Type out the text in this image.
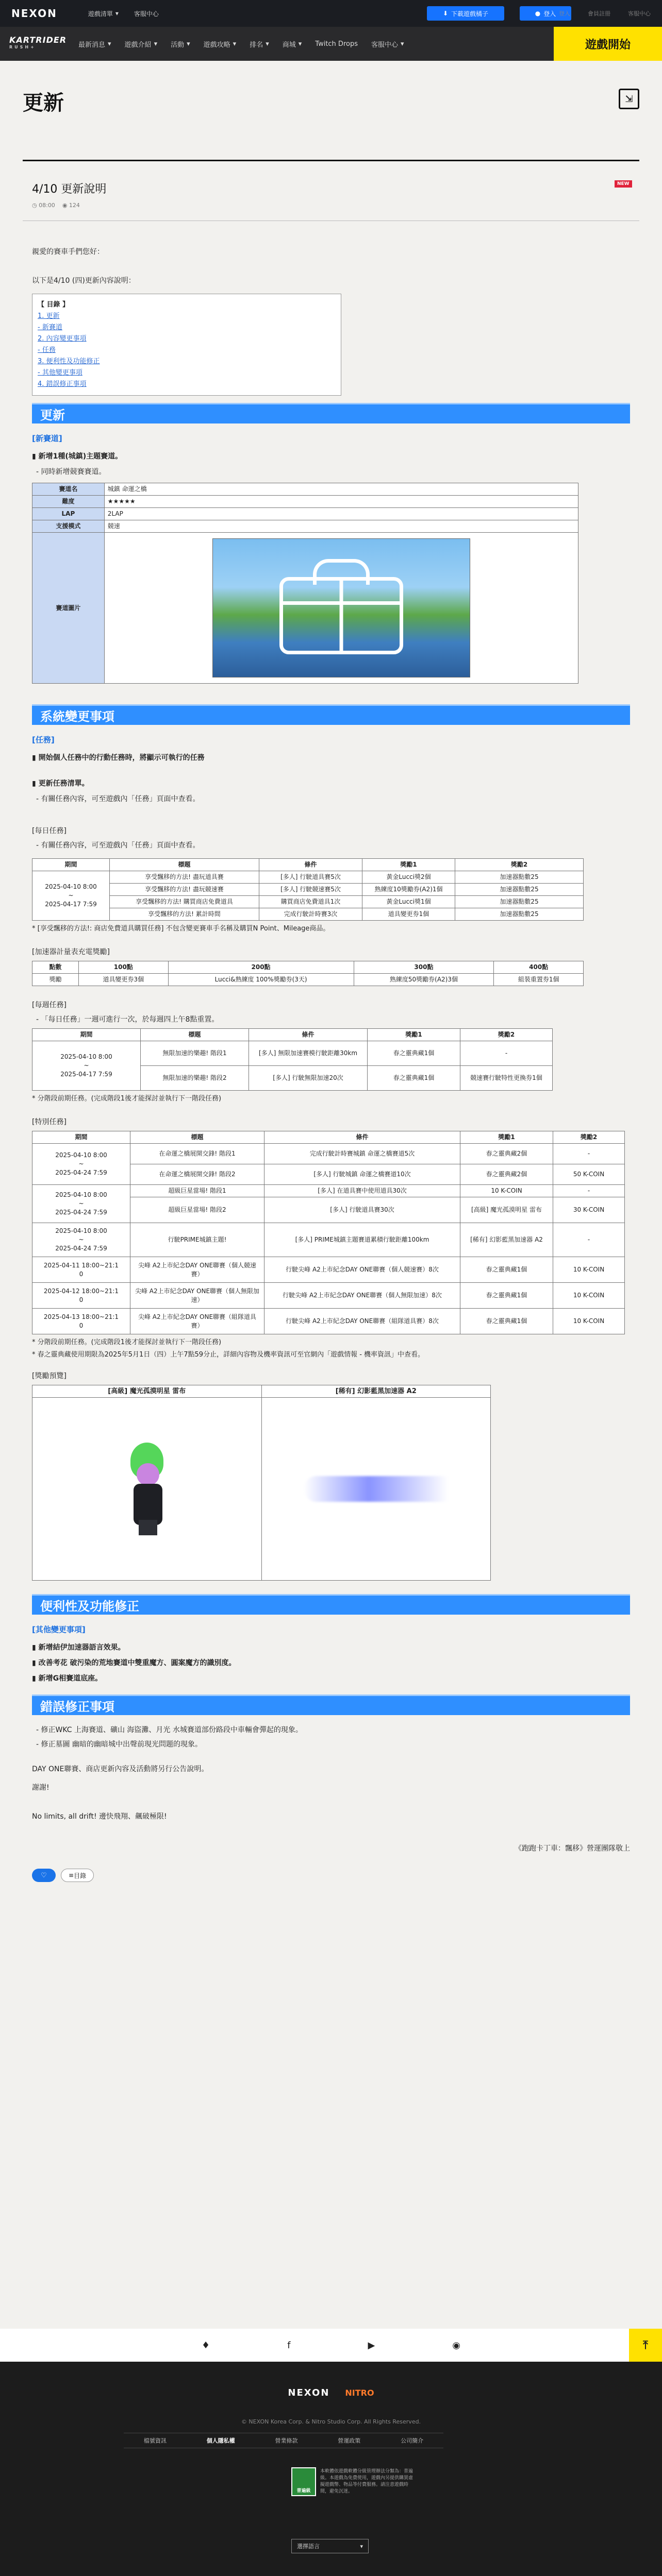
NEXON	遊戲清單 ▾	客服中心	⬇ 下載遊戲橘子	● 登入 登入	會員註冊	客服中心
KARTRIDER
RUSH+	最新消息 ▾ 遊戲介紹 ▾ 活動 ▾ 遊戲攻略 ▾ 排名 ▾ 商城 ▾ Twitch Drops 客服中心 ▾	遊戲開始
更新	⇲
4/10 更新說明	NEW
◷ 08:00 ◉ 124
親愛的賽車手們您好：
以下是4/10 (四)更新內容說明：
【 目錄 】
1. 更新
- 新賽道
2. 內容變更事項
- 任務
3. 便利性及功能修正
- 其他變更事項
4. 錯誤修正事項
更新
[新賽道]
▮ 新增1種(城鎮)主題賽道。
- 同時新增競賽賽道。
賽道名	城鎮 命運之橋
難度	★★★★★
LAP	2LAP
支援模式	競速
賽道圖片	
系統變更事項
[任務]
▮ 開始個人任務中的行動任務時，將顯示可執行的任務
▮ 更新任務清單。
- 有關任務內容，可至遊戲內「任務」頁面中查看。
[每日任務]
- 有關任務內容，可至遊戲內「任務」頁面中查看。
期間	標題	條件	獎勵1	獎勵2

2025-04-10 8:00
~
2025-04-17 7:59	享受飄移的方法! 盡玩道具賽	[多人] 行駛道具賽5次	黃金Lucci獎2個	加速器點數25
	享受飄移的方法! 盡玩競速賽	[多人] 行駛競速賽5次	熟練度10獎勵券(A2)1個	加速器點數25
	享受飄移的方法! 購買商店免費道具	購買商店免費道具1次	黃金Lucci獎1個	加速器點數25
	享受飄移的方法! 累計時間	完成行駛計時賽3次	道具變更券1個	加速器點數25
* [享受飄移的方法!: 商店免費道具購買任務] 不包含變更賽車手名稱及購買N Point、Mileage商品。
[加速器計量表充電獎勵]
點數	100點	200點	300點	400點
獎勵	道具變更券3個	Lucci&熟練度 100%獎勵券(3天)	熟練度50獎勵券(A2)3個	組裝重置券1個
[每週任務]
- 「每日任務」一週可進行一次，於每週四上午8點重置。
期間	標題	條件	獎勵1	獎勵2

2025-04-10 8:00
~
2025-04-17 7:59	無限加速的樂趣! 階段1	[多人] 無限加速賽模行駛距離30km	春之靈典藏1個	-
	無限加速的樂趣! 階段2	[多人] 行駛無限加速20次	春之靈典藏1個	競速賽行駛特性更換券1個
* 分階段前期任務。(完成階段1後才能探討並執行下一階段任務)
[特別任務]
期間	標題	條件	獎勵1	獎勵2

2025-04-10 8:00
~
2025-04-24 7:59	在命運之橋展開交鋒! 階段1	完成行駛計時賽城鎮 命運之橋賽道5次	春之靈典藏2個	-
	在命運之橋展開交鋒! 階段2	[多人] 行駛城鎮 命運之橋賽道10次	春之靈典藏2個	50 K-COIN

2025-04-10 8:00
~
2025-04-24 7:59	超級巨星當場! 階段1	[多人] 在道具賽中使用道具30次	10 K-COIN	-
	超級巨星當場! 階段2	[多人] 行駛道具賽30次	[高級] 魔光孤漠明星 雷布	30 K-COIN

2025-04-10 8:00
~
2025-04-24 7:59	行駛PRIME城鎮主題!	[多人] PRIME城鎮主題賽道累積行駛距離100km	[稀有] 幻影藍黑加速器 A2	-

2025-04-11 18:00~21:1
0	尖峰 A2上市紀念DAY ONE聯賽（個人競速賽）	行駛尖峰 A2上市紀念DAY ONE聯賽（個人競速賽）8次	春之靈典藏1個	10 K-COIN

2025-04-12 18:00~21:1
0	尖峰 A2上市紀念DAY ONE聯賽（個人無限加速）	行駛尖峰 A2上市紀念DAY ONE聯賽（個人無限加速）8次	春之靈典藏1個	10 K-COIN

2025-04-13 18:00~21:1
0	尖峰 A2上市紀念DAY ONE聯賽（組隊道具賽）	行駛尖峰 A2上市紀念DAY ONE聯賽（組隊道具賽）8次	春之靈典藏1個	10 K-COIN
* 分階段前期任務。(完成階段1後才能探討並執行下一階段任務)
* 春之靈典藏使用期限為2025年5月1日（四）上午7點59分止，詳細內容物及機率資訊可至官網內「遊戲情報 - 機率資訊」中查看。
[獎勵預覽]
[高級] 魔光孤漠明星 雷布	[稀有] 幻影藍黑加速器 A2
便利性及功能修正
[其他變更事項]
▮ 新增結伊加速器語言效果。
▮ 改善考花 破污染的荒地賽道中雙重魔方、圓案魔方的識別度。
▮ 新增G相賽道底座。
錯誤修正事項
- 修正WKC 上海賽道、礦山 海盜灘、月光 水城賽道部份路段中車輛會彈起的現象。
- 修正墓圖 幽暗的幽暗城中出聲前現光問題的現象。
DAY ONE聯賽、商店更新內容及活動將另行公告說明。
謝謝!
No limits, all drift! 邊快飛翔、飆破極限!
《跑跑卡丁車：飄移》營運團隊敬上
♡	≡ 目錄
♦	f	▶	◉	⤒
NEXON NITRO
© NEXON Korea Corp. & Nitro Studio Corp. All Rights Reserved.
檔號資訊	個人隱私權	營業條款	營運政策	公司簡介
普遍級
本軟體依遊戲軟體分級管理辦法分類為：普遍級。本遊戲為免費使用，遊戲內另提供購買虛擬遊戲幣、物品等付費服務。請注意遊戲時間，避免沉迷。
選擇語言	▾
